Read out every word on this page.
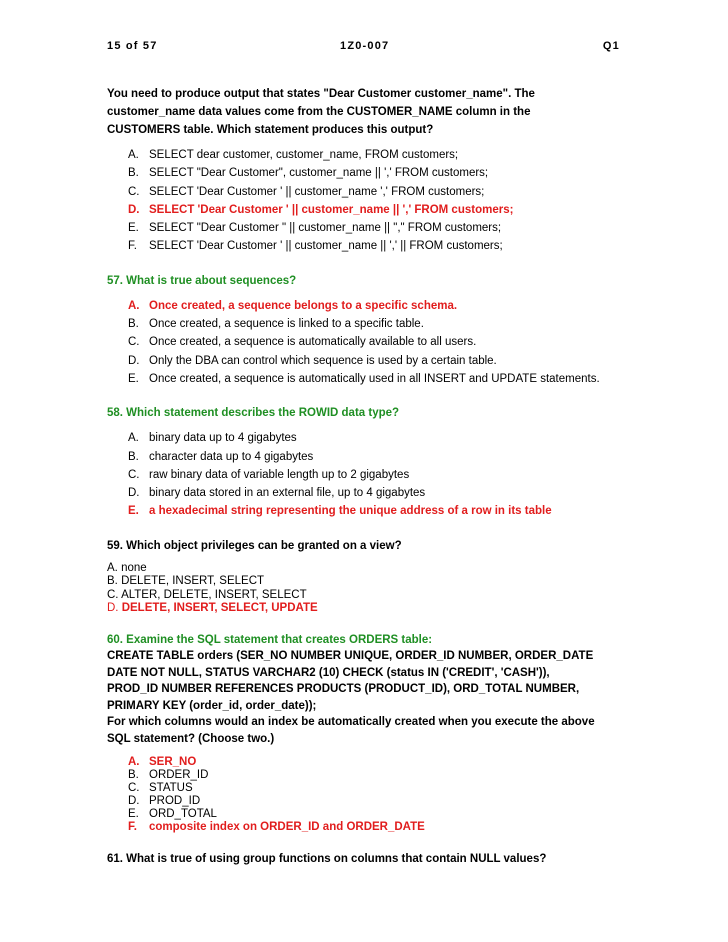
15 of 57	1Z0-007	Q1
You need to produce output that states "Dear Customer customer_name". The
customer_name data values come from the CUSTOMER_NAME column in the
CUSTOMERS table. Which statement produces this output?
A. SELECT dear customer, customer_name, FROM customers;
B. SELECT "Dear Customer", customer_name || ',' FROM customers;
C. SELECT 'Dear Customer ' || customer_name ',' FROM customers;
D. SELECT 'Dear Customer ' || customer_name || ',' FROM customers;
E. SELECT "Dear Customer " || customer_name || "," FROM customers;
F.	SELECT 'Dear Customer ' || customer_name || ',' || FROM customers;
57. What is true about sequences?
A. Once created, a sequence belongs to a specific schema.
B. Once created, a sequence is linked to a specific table.
C. Once created, a sequence is automatically available to all users.
D. Only the DBA can control which sequence is used by a certain table.
E. Once created, a sequence is automatically used in all INSERT and UPDATE statements.
58. Which statement describes the ROWID data type?
A. binary data up to 4 gigabytes
B. character data up to 4 gigabytes
C. raw binary data of variable length up to 2 gigabytes
D. binary data stored in an external file, up to 4 gigabytes
E. a hexadecimal string representing the unique address of a row in its table
59. Which object privileges can be granted on a view?
A. none
B. DELETE, INSERT, SELECT
C. ALTER, DELETE, INSERT, SELECT
D. DELETE, INSERT, SELECT, UPDATE
60. Examine the SQL statement that creates ORDERS table:
CREATE TABLE orders (SER_NO NUMBER UNIQUE, ORDER_ID NUMBER, ORDER_DATE
DATE NOT NULL, STATUS VARCHAR2 (10) CHECK (status IN ('CREDIT', 'CASH')),
PROD_ID NUMBER REFERENCES PRODUCTS (PRODUCT_ID), ORD_TOTAL NUMBER,
PRIMARY KEY (order_id, order_date));
For which columns would an index be automatically created when you execute the above
SQL statement? (Choose two.)
A. SER_NO
B. ORDER_ID
C. STATUS
D. PROD_ID
E. ORD_TOTAL
F.	composite index on ORDER_ID and ORDER_DATE
61. What is true of using group functions on columns that contain NULL values?
